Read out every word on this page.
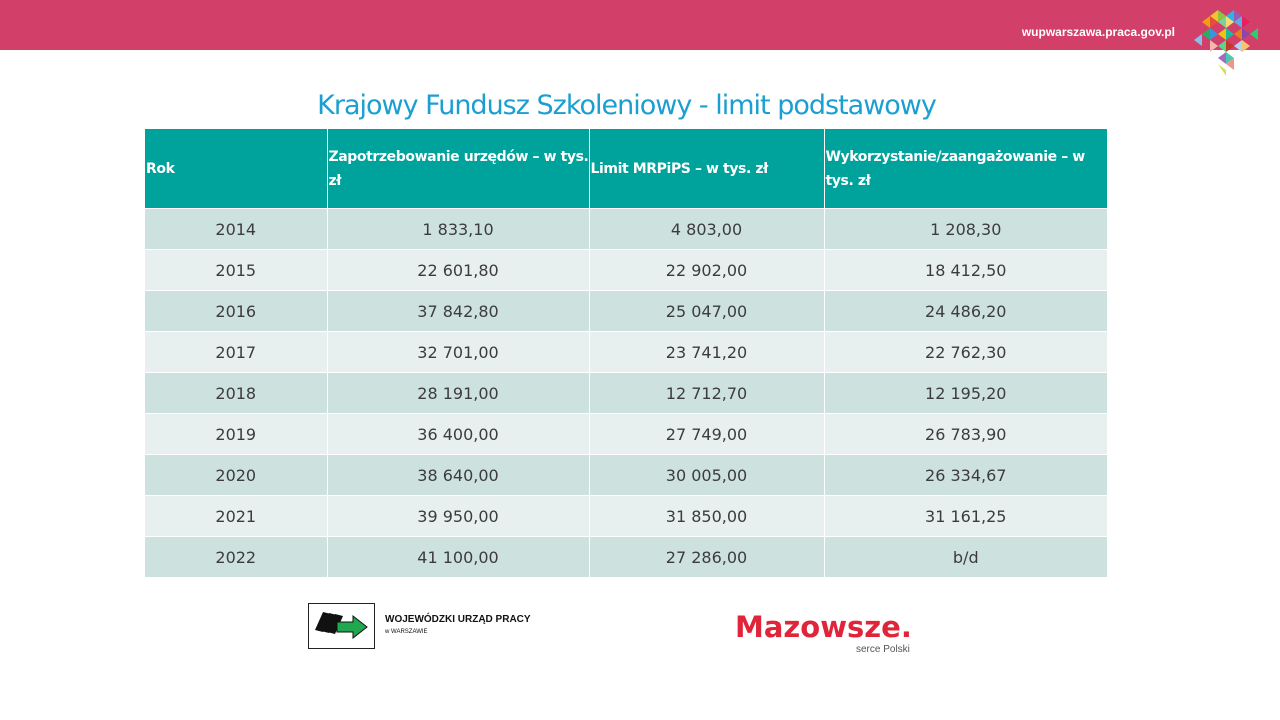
wupwarszawa.praca.gov.pl
Krajowy Fundusz Szkoleniowy - limit podstawowy
Rok	Zapotrzebowanie urzędów – w tys. zł	Limit MRPiPS – w tys. zł	Wykorzystanie/zaangażowanie – w tys. zł
2014	1 833,10	4 803,00	1 208,30
2015	22 601,80	22 902,00	18 412,50
2016	37 842,80	25 047,00	24 486,20
2017	32 701,00	23 741,20	22 762,30
2018	28 191,00	12 712,70	12 195,20
2019	36 400,00	27 749,00	26 783,90
2020	38 640,00	30 005,00	26 334,67
2021	39 950,00	31 850,00	31 161,25
2022	41 100,00	27 286,00	b/d
WOJEWÓDZKI URZĄD PRACY
w WARSZAWIE	Mazowsze.
serce Polski
